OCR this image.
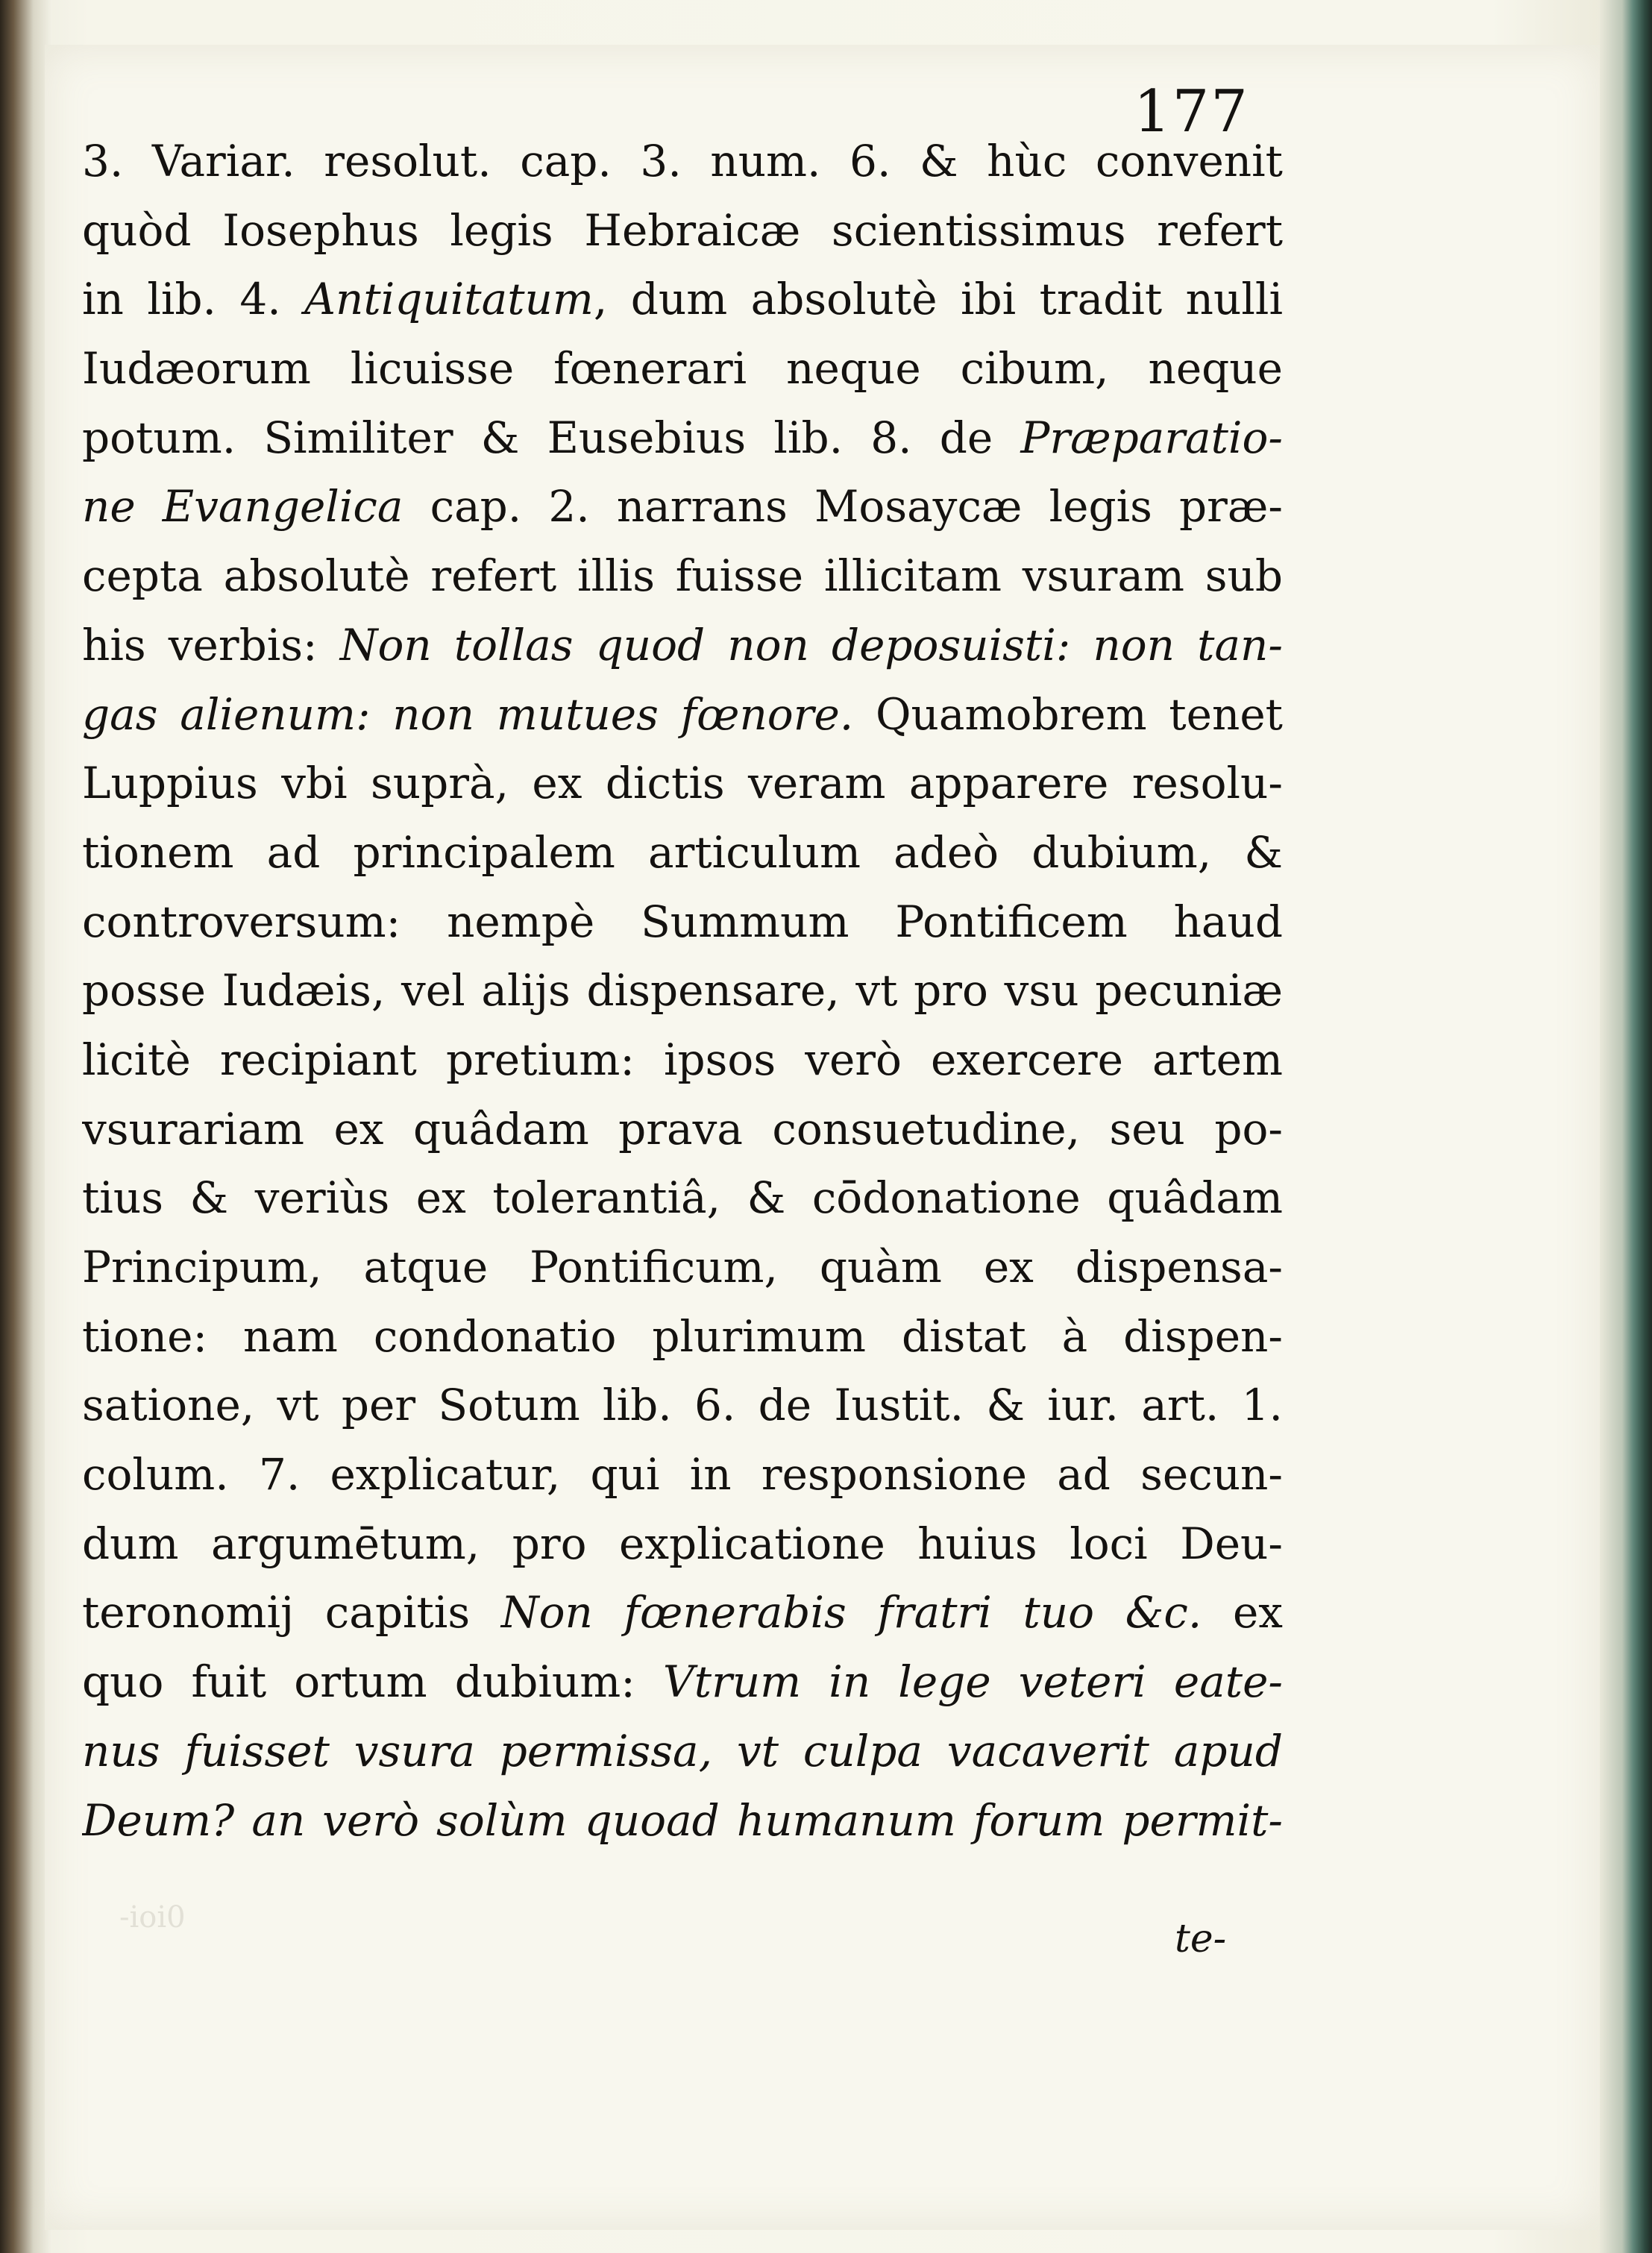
177
3. Variar. resolut. cap. 3. num. 6. & hùc convenit
quòd Iosephus legis Hebraicæ scientissimus refert
in lib. 4. Antiquitatum, dum absolutè ibi tradit nulli
Iudæorum licuisse fœnerari neque cibum, neque
potum. Similiter & Eusebius lib. 8. de Præparatio-
ne Evangelica cap. 2. narrans Mosaycæ legis præ-
cepta absolutè refert illis fuisse illicitam vsuram sub
his verbis: Non tollas quod non deposuisti: non tan-
gas alienum: non mutues fœnore. Quamobrem tenet
Luppius vbi suprà, ex dictis veram apparere resolu-
tionem ad principalem articulum adeò dubium, &
controversum: nempè Summum Pontificem haud
posse Iudæis, vel alijs dispensare, vt pro vsu pecuniæ
licitè recipiant pretium: ipsos verò exercere artem
vsurariam ex quâdam prava consuetudine, seu po-
tius & veriùs ex tolerantiâ, & cōdonatione quâdam
Principum, atque Pontificum, quàm ex dispensa-
tione: nam condonatio plurimum distat à dispen-
satione, vt per Sotum lib. 6. de Iustit. & iur. art. 1.
colum. 7. explicatur, qui in responsione ad secun-
dum argumētum, pro explicatione huius loci Deu-
teronomij capitis Non fœnerabis fratri tuo &c. ex
quo fuit ortum dubium: Vtrum in lege veteri eate-
nus fuisset vsura permissa, vt culpa vacaverit apud
Deum? an verò solùm quoad humanum forum permit-
-ioi0	te-
